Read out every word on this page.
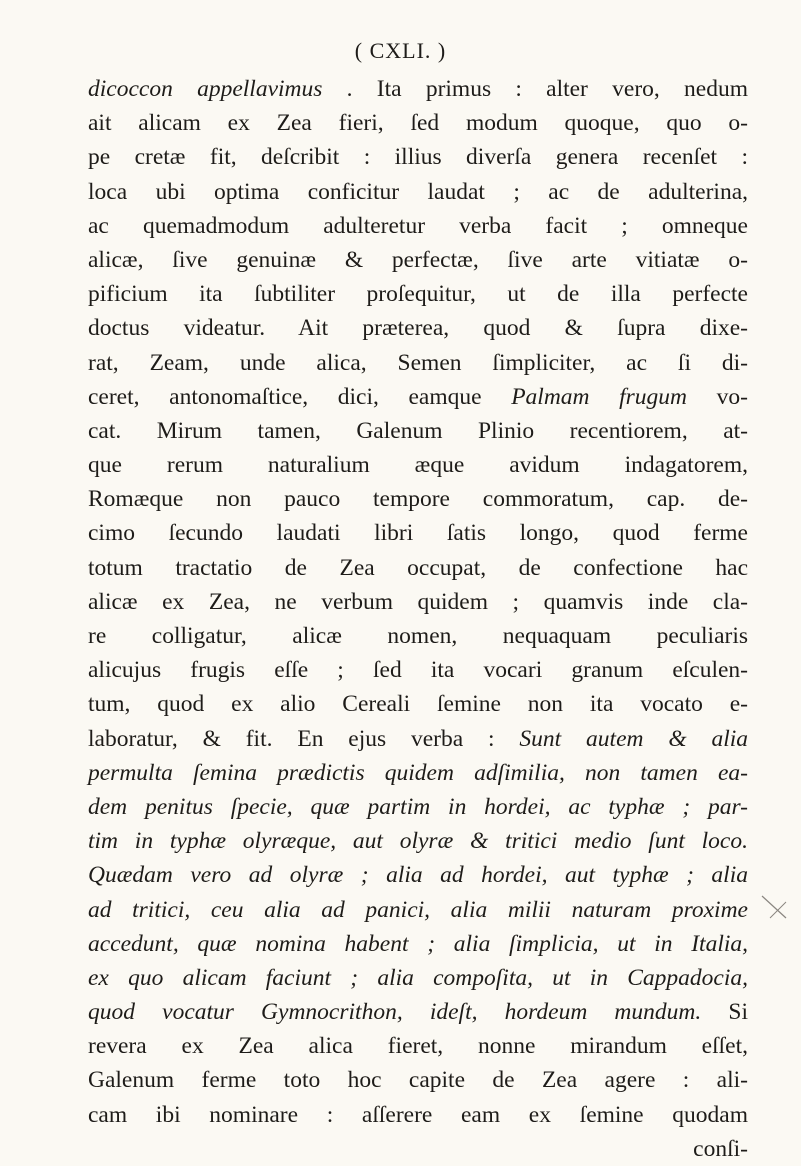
( CXLI. )
dicoccon appellavimus . Ita primus : alter vero, nedum
ait alicam ex Zea fieri, ſed modum quoque, quo o-
pe cretæ fit, deſcribit : illius diverſa genera recenſet :
loca ubi optima conficitur laudat ; ac de adulterina,
ac quemadmodum adulteretur verba facit ; omneque
alicæ, ſive genuinæ & perfectæ, ſive arte vitiatæ o-
pificium ita ſubtiliter proſequitur, ut de illa perfecte
doctus videatur. Ait præterea, quod & ſupra dixe-
rat, Zeam, unde alica, Semen ſimpliciter, ac ſi di-
ceret, antonomaſtice, dici, eamque Palmam frugum vo-
cat. Mirum tamen, Galenum Plinio recentiorem, at-
que rerum naturalium æque avidum indagatorem,
Romæque non pauco tempore commoratum, cap. de-
cimo ſecundo laudati libri ſatis longo, quod ferme
totum tractatio de Zea occupat, de confectione hac
alicæ ex Zea, ne verbum quidem ; quamvis inde cla-
re colligatur, alicæ nomen, nequaquam peculiaris
alicujus frugis eſſe ; ſed ita vocari granum eſculen-
tum, quod ex alio Cereali ſemine non ita vocato e-
laboratur, & fit. En ejus verba : Sunt autem & alia
permulta ſemina prædictis quidem adſimilia, non tamen ea-
dem penitus ſpecie, quæ partim in hordei, ac typhæ ; par-
tim in typhæ olyræque, aut olyræ & tritici medio ſunt loco.
Quædam vero ad olyræ ; alia ad hordei, aut typhæ ; alia
ad tritici, ceu alia ad panici, alia milii naturam proxime
accedunt, quæ nomina habent ; alia ſimplicia, ut in Italia,
ex quo alicam faciunt ; alia compoſita, ut in Cappadocia,
quod vocatur Gymnocrithon, ideſt, hordeum mundum. Si
revera ex Zea alica fieret, nonne mirandum eſſet,
Galenum ferme toto hoc capite de Zea agere : ali-
cam ibi nominare : aſſerere eam ex ſemine quodam
conſi-
